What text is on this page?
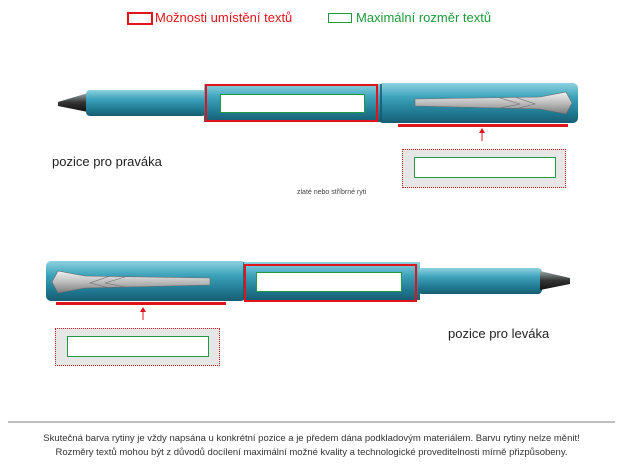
Možnosti umístění textů	Maximální rozměr textů
pozice pro praváka
zlaté nebo stříbrné ryti
pozice pro leváka
Skutečná barva rytiny je vždy napsána u konkrétní pozice a je předem dána podkladovým materiálem. Barvu rytiny nelze měnit!
Rozměry textů mohou být z důvodů docílení maximální možné kvality a technologické proveditelnosti mírně přizpůsobeny.
